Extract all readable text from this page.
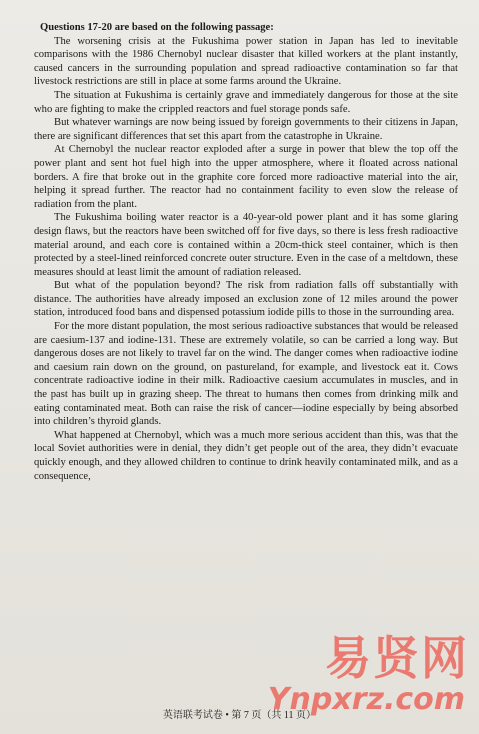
Questions 17-20 are based on the following passage:

The worsening crisis at the Fukushima power station in Japan has led to inevitable comparisons with the 1986 Chernobyl nuclear disaster that killed workers at the plant instantly, caused cancers in the surrounding population and spread radioactive contamination so far that livestock restrictions are still in place at some farms around the Ukraine.

The situation at Fukushima is certainly grave and immediately dangerous for those at the site who are fighting to make the crippled reactors and fuel storage ponds safe.

But whatever warnings are now being issued by foreign governments to their citizens in Japan, there are significant differences that set this apart from the catastrophe in Ukraine.

At Chernobyl the nuclear reactor exploded after a surge in power that blew the top off the power plant and sent hot fuel high into the upper atmosphere, where it floated across national borders. A fire that broke out in the graphite core forced more radioactive material into the air, helping it spread further. The reactor had no containment facility to even slow the release of radiation from the plant.

The Fukushima boiling water reactor is a 40-year-old power plant and it has some glaring design flaws, but the reactors have been switched off for five days, so there is less fresh radioactive material around, and each core is contained within a 20cm-thick steel container, which is then protected by a steel-lined reinforced concrete outer structure. Even in the case of a meltdown, these measures should at least limit the amount of radiation released.

But what of the population beyond? The risk from radiation falls off substantially with distance. The authorities have already imposed an exclusion zone of 12 miles around the power station, introduced food bans and dispensed potassium iodide pills to those in the surrounding area.

For the more distant population, the most serious radioactive substances that would be released are caesium-137 and iodine-131. These are extremely volatile, so can be carried a long way. But dangerous doses are not likely to travel far on the wind. The danger comes when radioactive iodine and caesium rain down on the ground, on pastureland, for example, and livestock eat it. Cows concentrate radioactive iodine in their milk. Radioactive caesium accumulates in muscles, and in the past has built up in grazing sheep. The threat to humans then comes from drinking milk and eating contaminated meat. Both can raise the risk of cancer—iodine especially by being absorbed into children’s thyroid glands.

What happened at Chernobyl, which was a much more serious accident than this, was that the local Soviet authorities were in denial, they didn’t get people out of the area, they didn’t evacuate quickly enough, and they allowed children to continue to drink heavily contaminated milk, and as a consequence,

英语联考试卷 • 第 7 页（共 11 页）
易贤网
Ynpxrz.com
